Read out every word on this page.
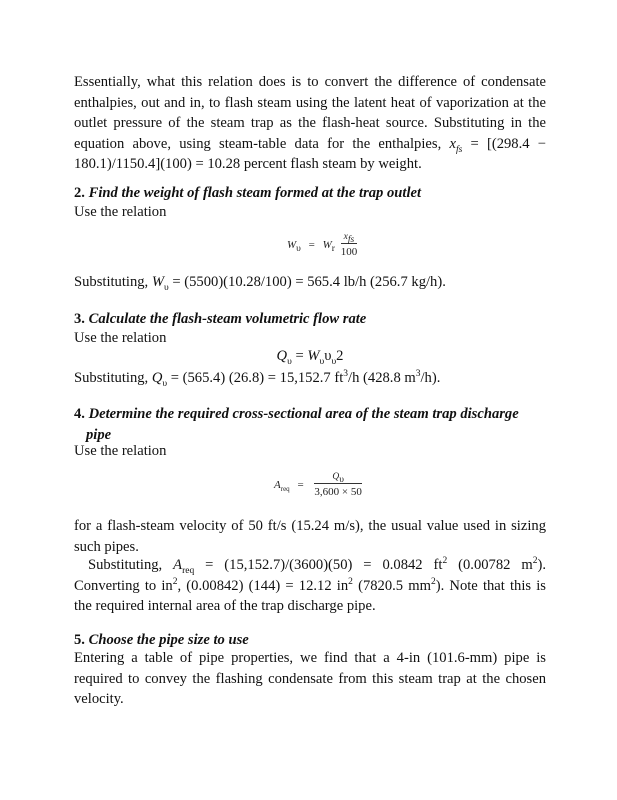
Essentially, what this relation does is to convert the difference of condensate enthalpies, out and in, to flash steam using the latent heat of vaporization at the outlet pressure of the steam trap as the flash-heat source. Substituting in the equation above, using steam-table data for the enthalpies, $x_{fs} = [(298.4 - 180.1)/1150.4](100) = 10.28$ percent flash steam by weight.
2. Find the weight of flash steam formed at the trap outlet
Use the relation
$W_\upsilon = W_r \frac{x_{fs}}{100}$
Substituting, $W_\upsilon = (5500)(10.28/100) = 565.4$ lb/h (256.7 kg/h).
3. Calculate the flash-steam volumetric flow rate
Use the relation
$Q_\upsilon = W_\upsilon\upsilon_\upsilon 2$
Substituting, $Q_\upsilon = (565.4) (26.8) = 15,152.7$ $ft^3/h$ (428.8 $m^3/h$).
4. Determine the required cross-sectional area of the steam trap discharge
pipe
Use the relation
$A_{req} = \frac{Q_\upsilon}{3,600 \times 50}$
for a flash-steam velocity of 50 ft/s (15.24 m/s), the usual value used in sizing such pipes.
Substituting, $A_{req} = (15,152.7)/(3600)(50) = 0.0842$ $ft^2$ (0.00782 $m^2$). Converting to $in^2$, (0.00842) (144) = 12.12 $in^2$ (7820.5 $mm^2$). Note that this is the required internal area of the trap discharge pipe.
5. Choose the pipe size to use
Entering a table of pipe properties, we find that a 4-in (101.6-mm) pipe is required to convey the flashing condensate from this steam trap at the chosen velocity.
